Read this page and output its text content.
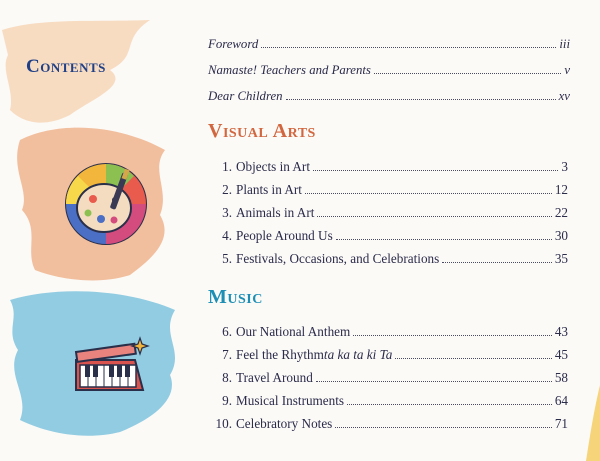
Contents
Foreword	iii
Namaste! Teachers and Parents	v
Dear Children	xv
Visual Arts
1. Objects in Art	3
2. Plants in Art	12
3. Animals in Art	22
4. People Around Us	30
5. Festivals, Occasions, and Celebrations	35
Music
6. Our National Anthem	43
7. Feel the Rhythm ta ka ta ki Ta	45
8. Travel Around	58
9. Musical Instruments	64
10. Celebratory Notes	71
